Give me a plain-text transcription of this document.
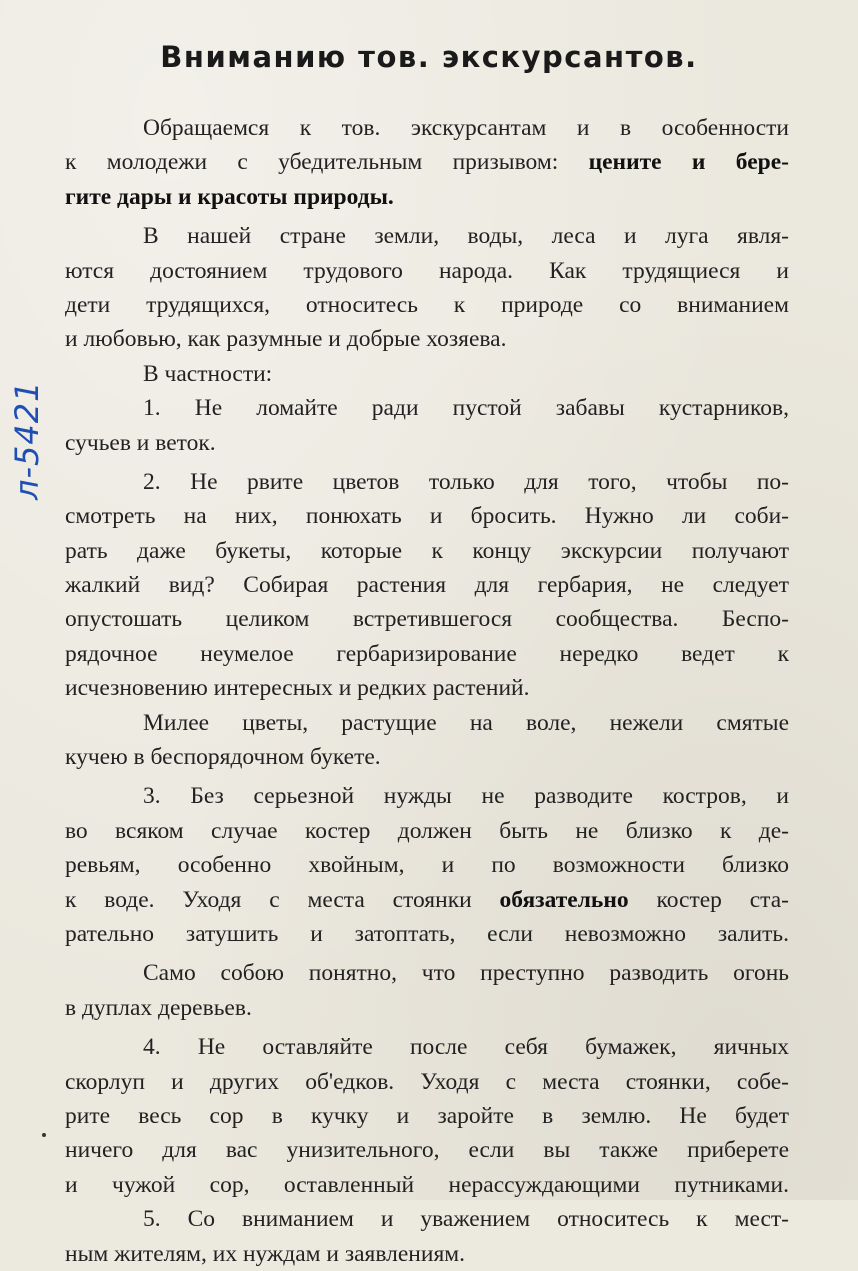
Вниманию тов. экскурсантов.
Обращаемся к тов. экскурсантам и в особенности
к молодежи с убедительным призывом: цените и бере-
гите дары и красоты природы.
В нашей стране земли, воды, леса и луга явля-
ются достоянием трудового народа. Как трудящиеся и
дети трудящихся, относитесь к природе со вниманием
и любовью, как разумные и добрые хозяева.
В частности:
1. Не ломайте ради пустой забавы кустарников,
сучьев и веток.
2. Не рвите цветов только для того, чтобы по-
смотреть на них, понюхать и бросить. Нужно ли соби-
рать даже букеты, которые к концу экскурсии получают
жалкий вид? Собирая растения для гербария, не следует
опустошать целиком встретившегося сообщества. Беспо-
рядочное неумелое гербаризирование нередко ведет к
исчезновению интересных и редких растений.
Милее цветы, растущие на воле, нежели смятые
кучею в беспорядочном букете.
3. Без серьезной нужды не разводите костров, и
во всяком случае костер должен быть не близко к де-
ревьям, особенно хвойным, и по возможности близко
к воде. Уходя с места стоянки обязательно костер ста-
рательно затушить и затоптать, если невозможно залить.
Само собою понятно, что преступно разводить огонь
в дуплах деревьев.
4. Не оставляйте после себя бумажек, яичных
скорлуп и других об'едков. Уходя с места стоянки, собе-
рите весь сор в кучку и заройте в землю. Не будет
ничего для вас унизительного, если вы также приберете
и чужой сор, оставленный нерассуждающими путниками.
5. Со вниманием и уважением относитесь к мест-
ным жителям, их нуждам и заявлениям.
л-5421
